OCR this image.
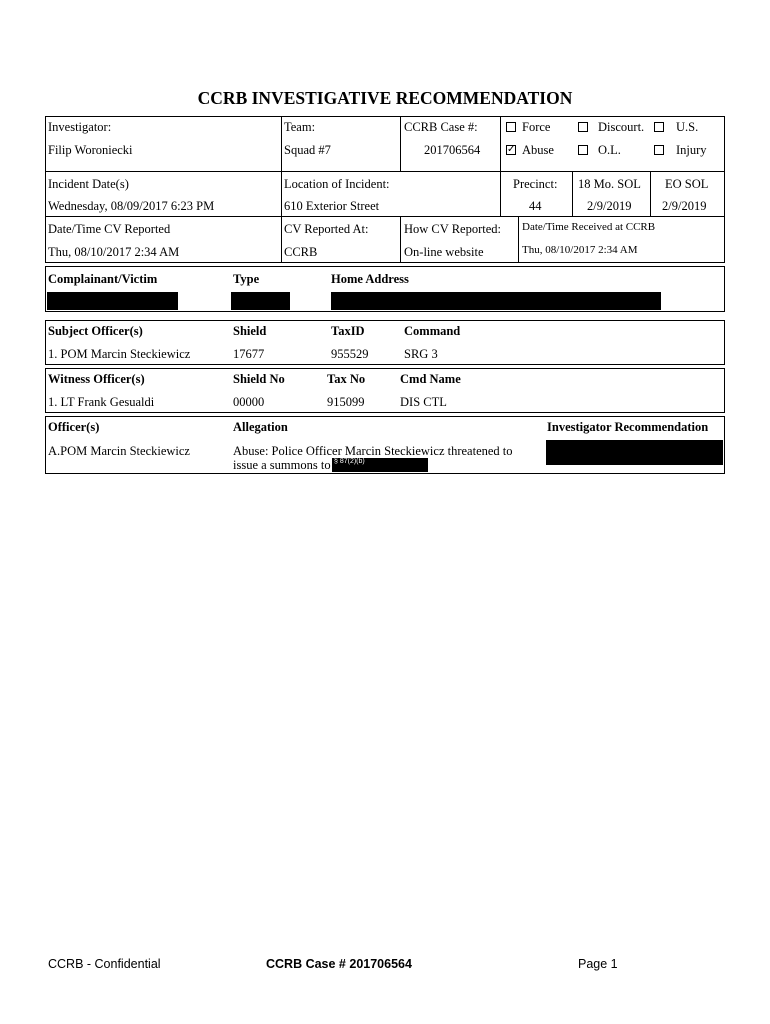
CCRB INVESTIGATIVE RECOMMENDATION
Investigator:
Filip Woroniecki
Team:
Squad #7
CCRB Case #:
201706564
Force	Discourt.	U.S.
✓ Abuse	O.L.	Injury
Incident Date(s)
Wednesday, 08/09/2017 6:23 PM
Location of Incident:
610 Exterior Street
Precinct:
44
18 Mo. SOL
2/9/2019
EO SOL
2/9/2019
Date/Time CV Reported
Thu, 08/10/2017 2:34 AM
CV Reported At:
CCRB
How CV Reported:
On-line website
Date/Time Received at CCRB
Thu, 08/10/2017 2:34 AM
Complainant/Victim	Type	Home Address
Subject Officer(s)	Shield	TaxID	Command
1. POM Marcin Steckiewicz	17677	955529	SRG 3
Witness Officer(s)	Shield No	Tax No	Cmd Name
1. LT Frank Gesualdi	00000	915099	DIS CTL
Officer(s)	Allegation	Investigator Recommendation
A.POM Marcin Steckiewicz	Abuse: Police Officer Marcin Steckiewicz threatened to
issue a summons to § 87(2)(b)
CCRB - Confidential	CCRB Case # 201706564	Page 1
